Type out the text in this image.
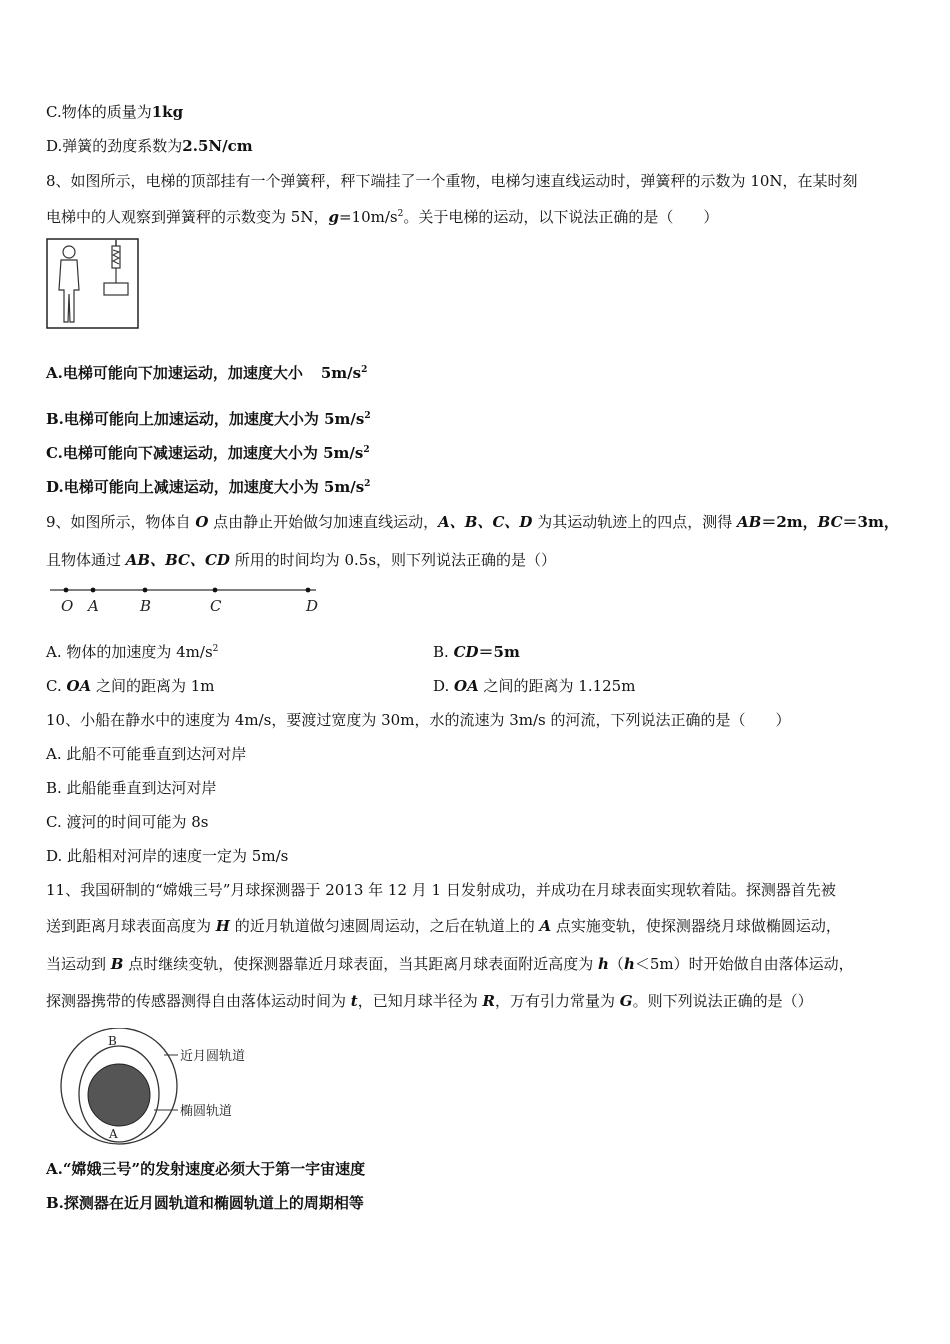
C.物体的质量为1kg
D.弹簧的劲度系数为2.5N/cm
8、如图所示，电梯的顶部挂有一个弹簧秤，秤下端挂了一个重物，电梯匀速直线运动时，弹簧秤的示数为 10N，在某时刻
电梯中的人观察到弹簧秤的示数变为 5N，$g=10m/s^2$。关于电梯的运动，以下说法正确的是（　　）
A.电梯可能向下加速运动，加速度大小 $5m/s^2$
B.电梯可能向上加速运动，加速度大小为 $5m/s^2$
C.电梯可能向下减速运动，加速度大小为 $5m/s^2$
D.电梯可能向上减速运动，加速度大小为 $5m/s^2$
9、如图所示，物体自 O 点由静止开始做匀加速直线运动，A、B、C、D 为其运动轨迹上的四点，测得 AB＝2m，BC＝3m，
且物体通过 AB、BC、CD 所用的时间均为 0.5s，则下列说法正确的是（）
O A	B	C	D
A. 物体的加速度为 $4m/s^2$	B. CD＝5m
C. OA 之间的距离为 1m	D. OA 之间的距离为 1.125m
10、小船在静水中的速度为 4m/s，要渡过宽度为 30m，水的流速为 3m/s 的河流，下列说法正确的是（　　）
A. 此船不可能垂直到达河对岸
B. 此船能垂直到达河对岸
C. 渡河的时间可能为 8s
D. 此船相对河岸的速度一定为 5m/s
11、我国研制的“嫦娥三号”月球探测器于 2013 年 12 月 1 日发射成功，并成功在月球表面实现软着陆。探测器首先被
送到距离月球表面高度为 H 的近月轨道做匀速圆周运动，之后在轨道上的 A 点实施变轨，使探测器绕月球做椭圆运动，
当运动到 B 点时继续变轨，使探测器靠近月球表面，当其距离月球表面附近高度为 h（h＜5m）时开始做自由落体运动，
探测器携带的传感器测得自由落体运动时间为 t，已知月球半径为 R，万有引力常量为 G。则下列说法正确的是（）
B
A
近月圆轨道
椭圆轨道
A.“嫦娥三号”的发射速度必须大于第一宇宙速度
B.探测器在近月圆轨道和椭圆轨道上的周期相等
